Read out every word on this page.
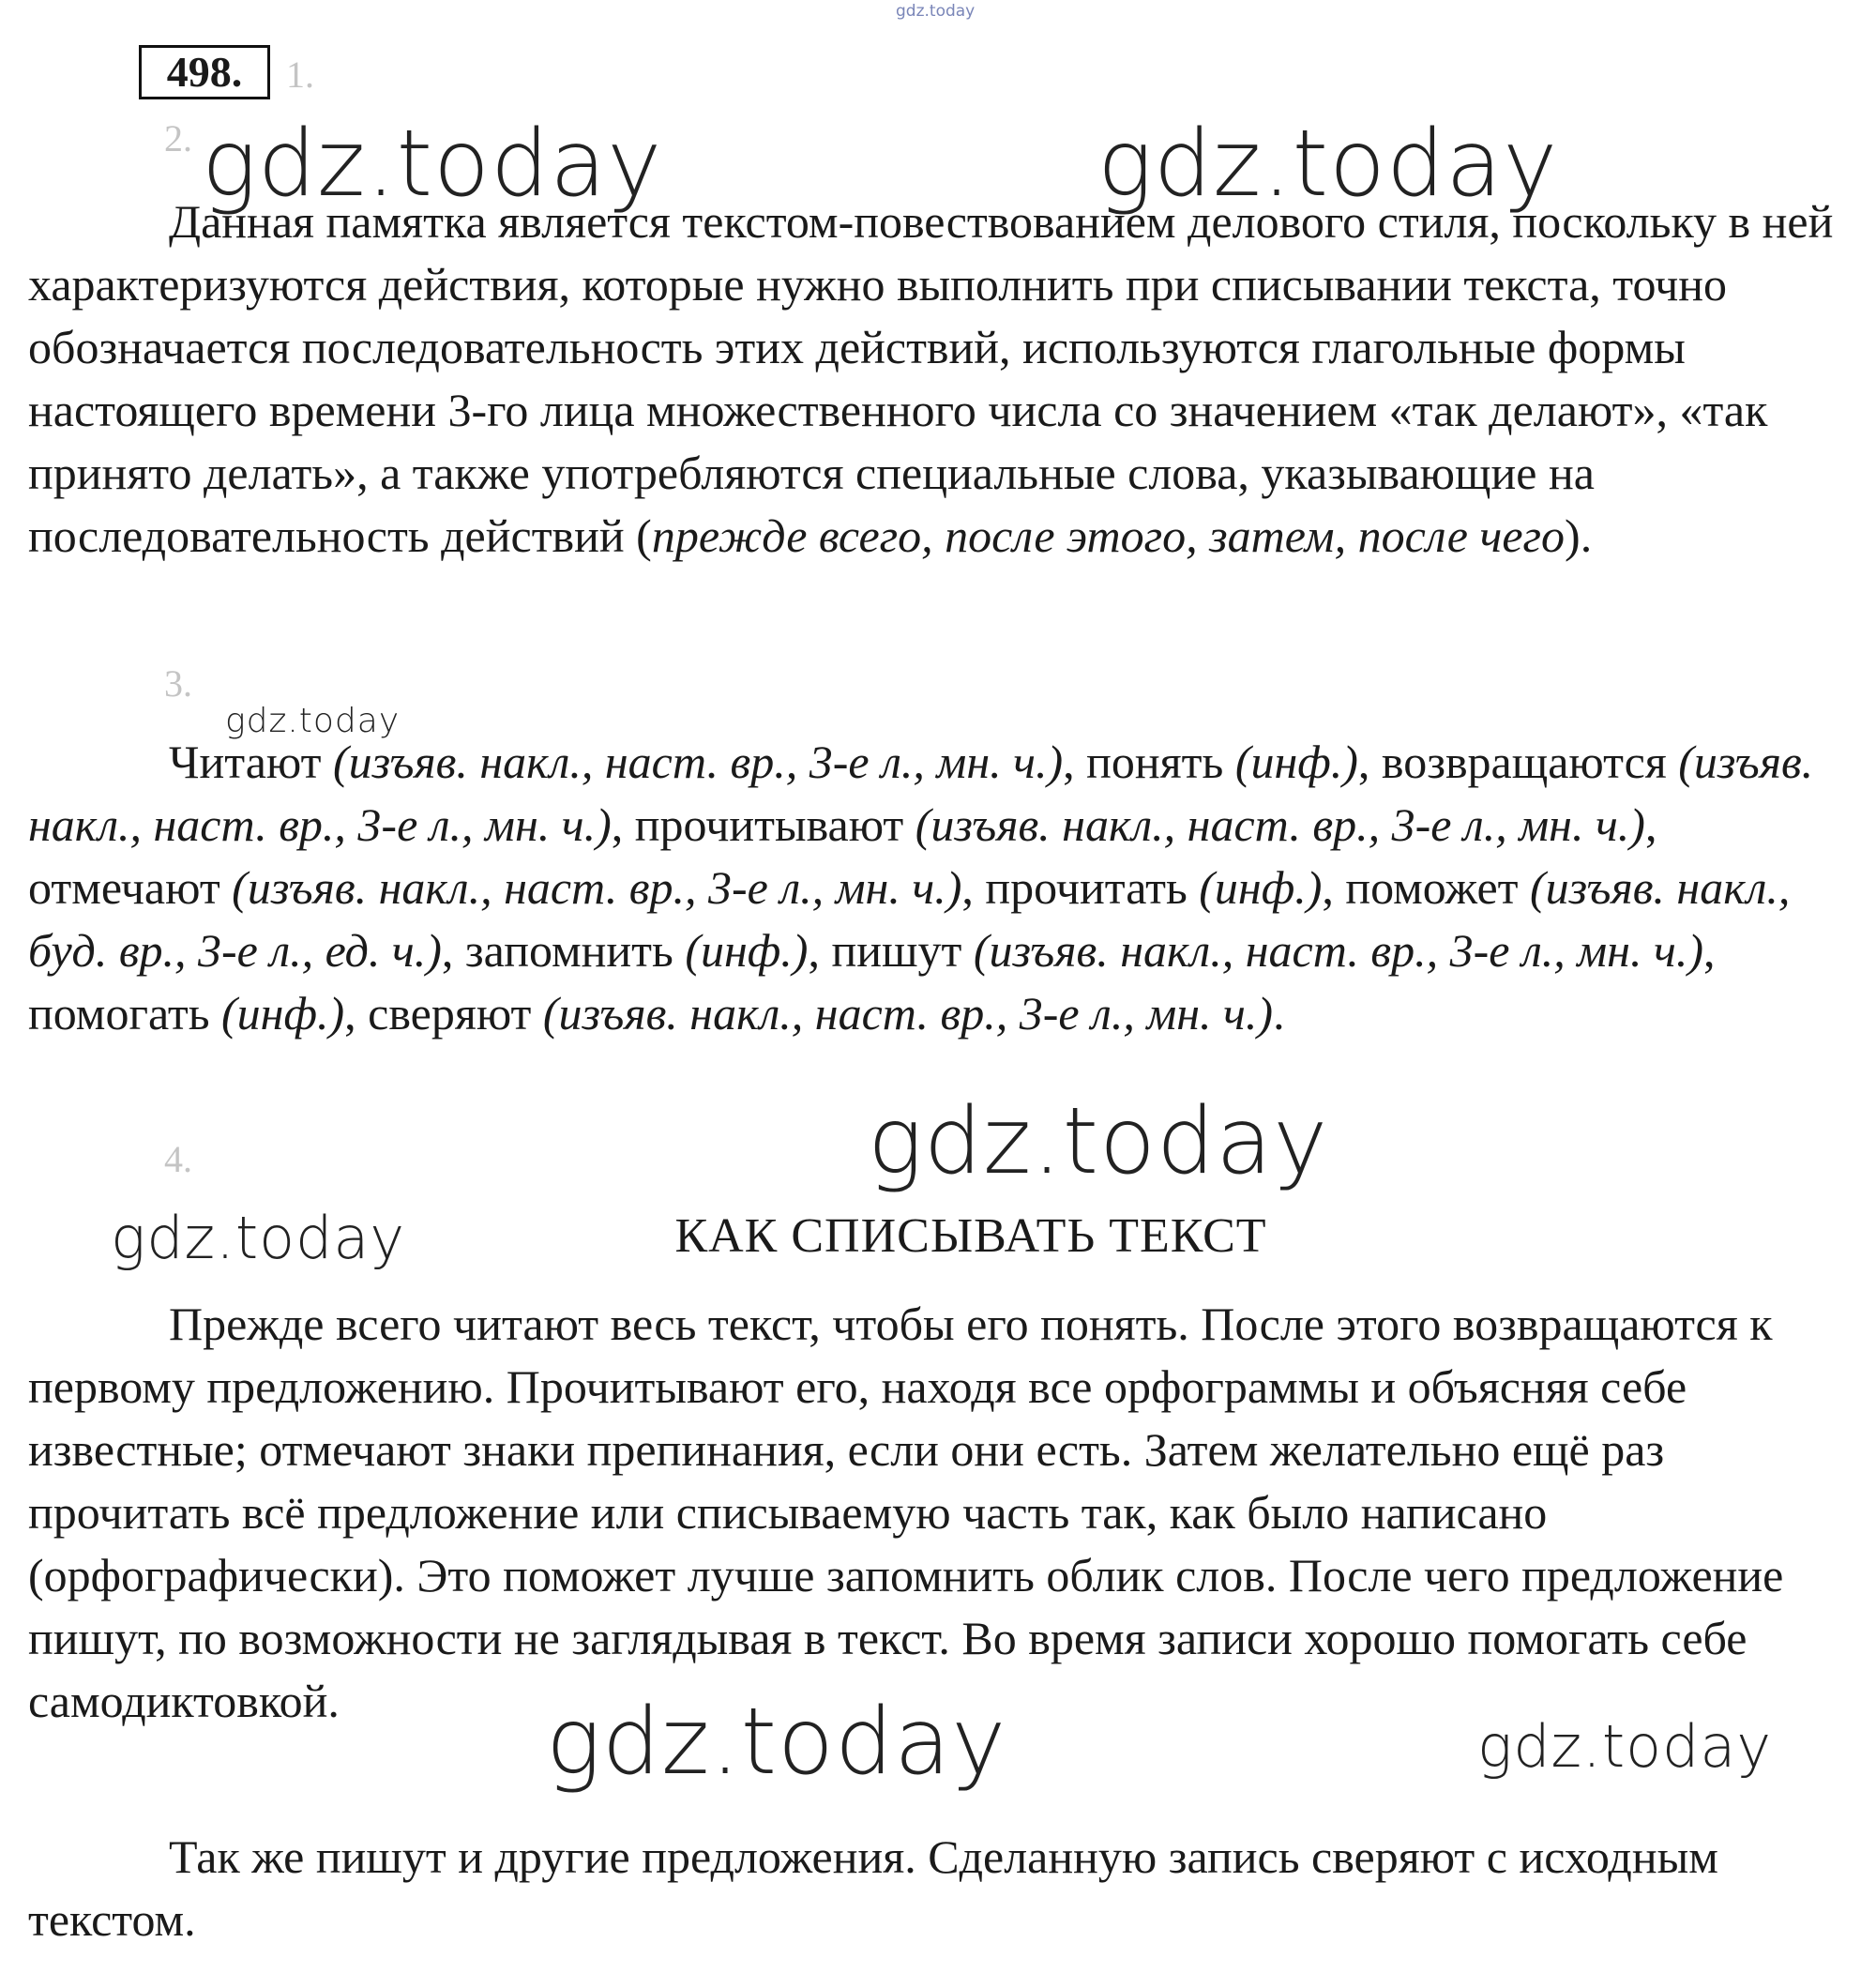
gdz.today
498.	1.
2.
3.
4.
gdz.today	gdz.today
gdz.today
gdz.today
gdz.today
gdz.today	gdz.today

Данная памятка является текстом-повествованием делового стиля, поскольку в ней характеризуются действия, которые нужно выполнить при списывании текста, точно обозначается последовательность этих действий, используются глагольные формы настоящего времени 3-го лица множественного числа со значением «так делают», «так принято делать», а также употребляются специальные слова, указывающие на последовательность действий (прежде всего, после этого, затем, после чего).

Читают (изъяв. накл., наст. вр., 3-е л., мн. ч.), понять (инф.), возвращаются (изъяв. накл., наст. вр., 3-е л., мн. ч.), прочитывают (изъяв. накл., наст. вр., 3-е л., мн. ч.), отмечают (изъяв. накл., наст. вр., 3-е л., мн. ч.), прочитать (инф.), поможет (изъяв. накл., буд. вр., 3-е л., ед. ч.), запомнить (инф.), пишут (изъяв. накл., наст. вр., 3-е л., мн. ч.), помогать (инф.), сверяют (изъяв. накл., наст. вр., 3-е л., мн. ч.).

КАК СПИСЫВАТЬ ТЕКСТ

Прежде всего читают весь текст, чтобы его понять. После этого возвращаются к первому предложению. Прочитывают его, находя все орфограммы и объясняя себе известные; отмечают знаки препинания, если они есть. Затем желательно ещё раз прочитать всё предложение или списываемую часть так, как было написано (орфографически). Это поможет лучше запомнить облик слов. После чего предложение пишут, по возможности не заглядывая в текст. Во время записи хорошо помогать себе самодиктовкой.

Так же пишут и другие предложения. Сделанную запись сверяют с исходным текстом.
